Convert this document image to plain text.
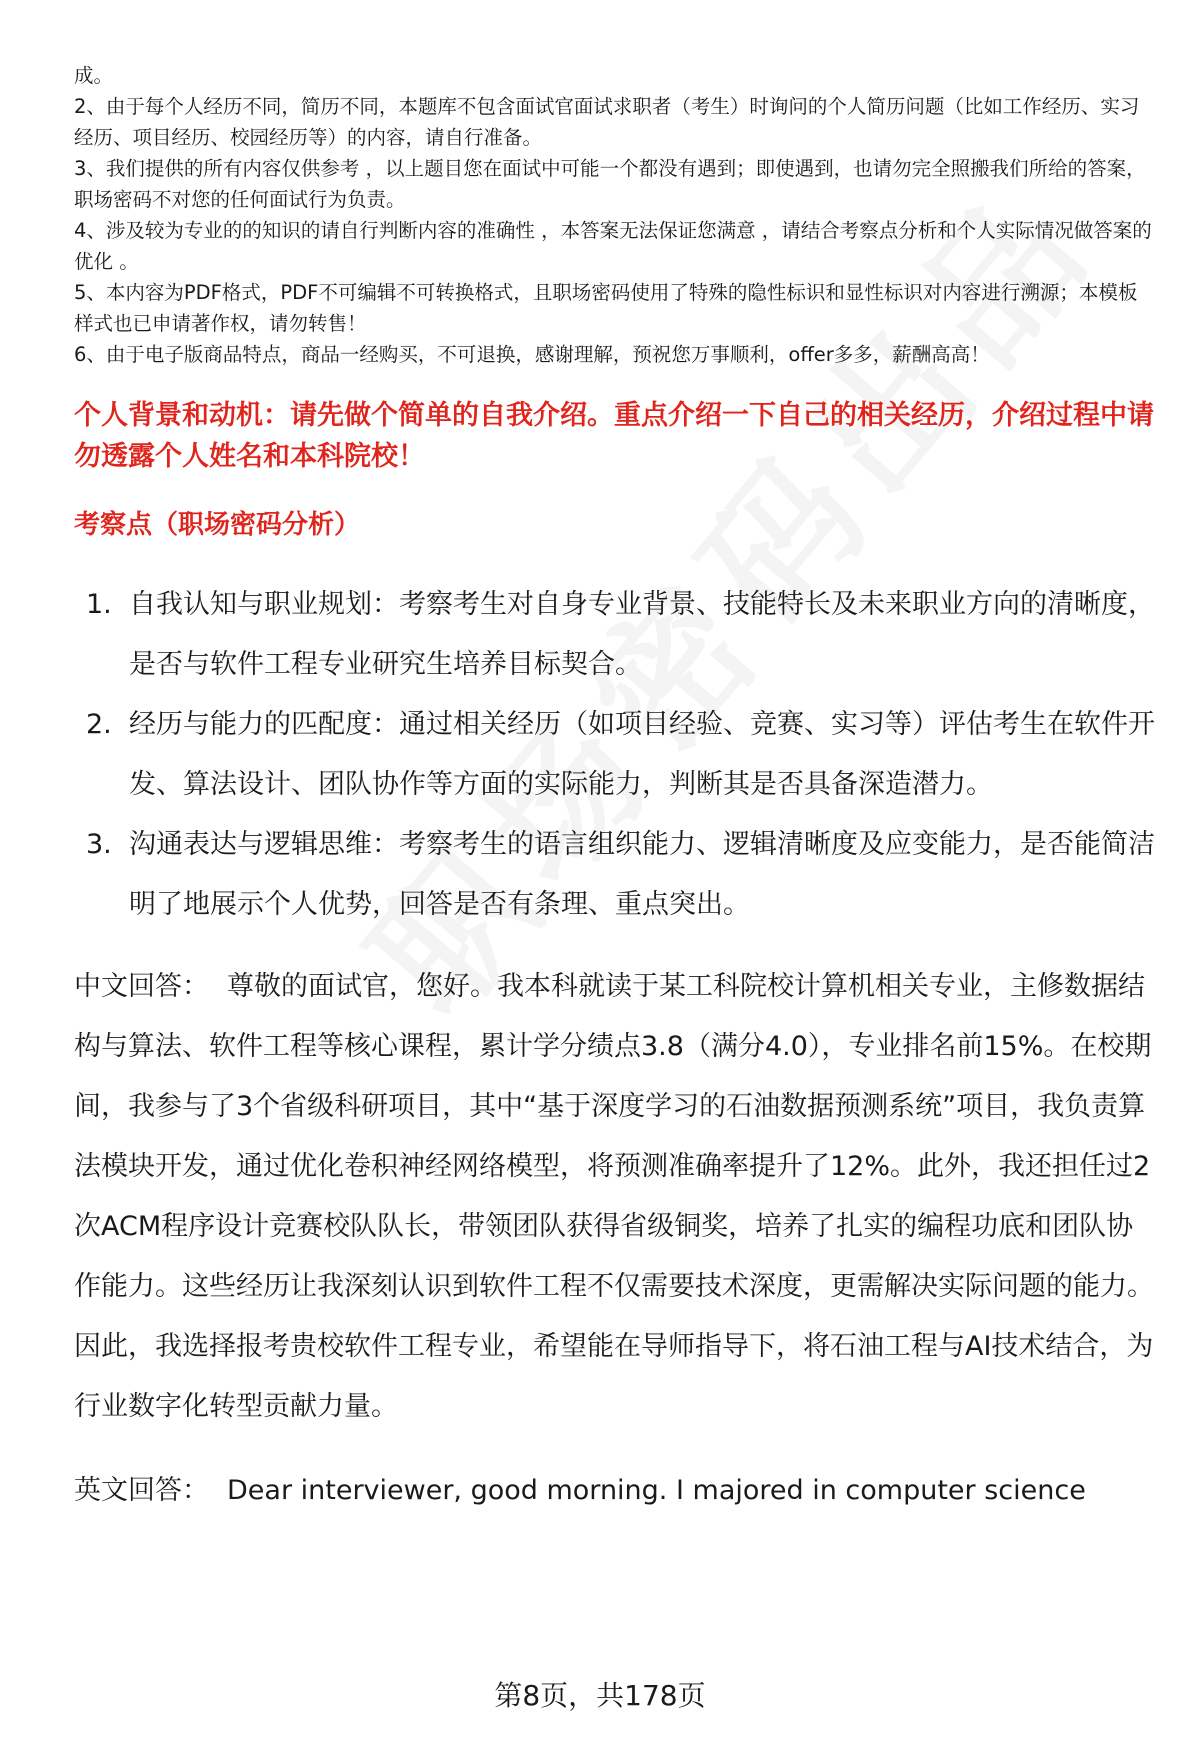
成。
2、由于每个人经历不同，简历不同，本题库不包含面试官面试求职者（考生）时询问的个人简历问题（比如工作经历、实习经历、项目经历、校园经历等）的内容，请自行准备。
3、我们提供的所有内容仅供参考 ，以上题目您在面试中可能一个都没有遇到；即使遇到，也请勿完全照搬我们所给的答案，职场密码不对您的任何面试行为负责。
4、涉及较为专业的的知识的请自行判断内容的准确性 ，本答案无法保证您满意 ，请结合考察点分析和个人实际情况做答案的优化 。
5、本内容为PDF格式，PDF不可编辑不可转换格式，且职场密码使用了特殊的隐性标识和显性标识对内容进行溯源；本模板样式也已申请著作权，请勿转售！
6、由于电子版商品特点，商品一经购买，不可退换，感谢理解，预祝您万事顺利，offer多多，薪酬高高！
个人背景和动机：请先做个简单的自我介绍。重点介绍一下自己的相关经历，介绍过程中请勿透露个人姓名和本科院校！
考察点（职场密码分析）
1. 自我认知与职业规划：考察考生对自身专业背景、技能特长及未来职业方向的清晰度，是否与软件工程专业研究生培养目标契合。
2. 经历与能力的匹配度：通过相关经历（如项目经验、竞赛、实习等）评估考生在软件开发、算法设计、团队协作等方面的实际能力，判断其是否具备深造潜力。
3. 沟通表达与逻辑思维：考察考生的语言组织能力、逻辑清晰度及应变能力，是否能简洁明了地展示个人优势，回答是否有条理、重点突出。
中文回答： 尊敬的面试官，您好。我本科就读于某工科院校计算机相关专业，主修数据结构与算法、软件工程等核心课程，累计学分绩点3.8（满分4.0），专业排名前15%。在校期间，我参与了3个省级科研项目，其中“基于深度学习的石油数据预测系统”项目，我负责算法模块开发，通过优化卷积神经网络模型，将预测准确率提升了12%。此外，我还担任过2次ACM程序设计竞赛校队队长，带领团队获得省级铜奖，培养了扎实的编程功底和团队协作能力。这些经历让我深刻认识到软件工程不仅需要技术深度，更需解决实际问题的能力。因此，我选择报考贵校软件工程专业，希望能在导师指导下，将石油工程与AI技术结合，为行业数字化转型贡献力量。
英文回答： Dear interviewer, good morning. I majored in computer science
第8页，共178页
